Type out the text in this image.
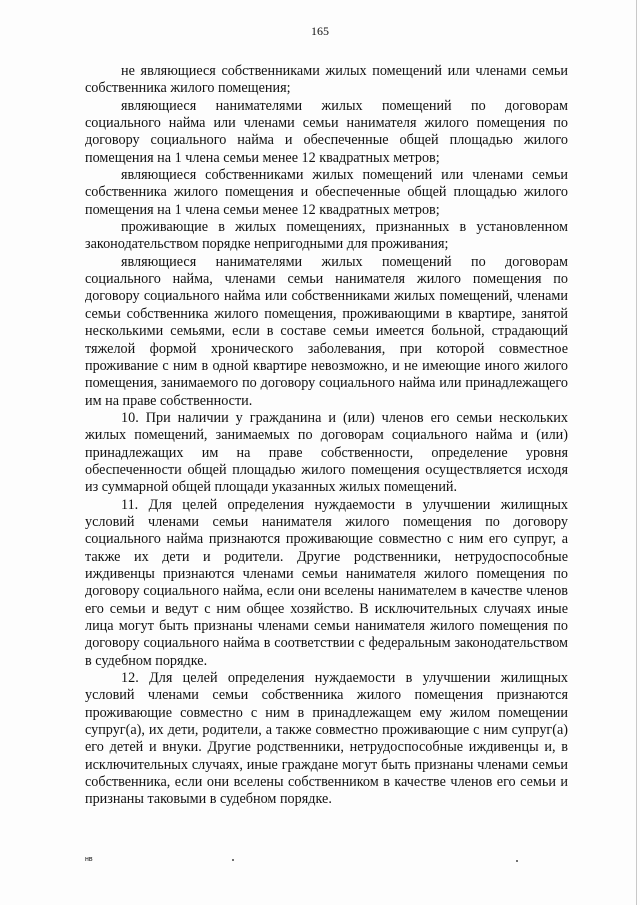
165

не являющиеся собственниками жилых помещений или членами семьи собственника жилого помещения;

являющиеся нанимателями жилых помещений по договорам социального найма или членами семьи нанимателя жилого помещения по договору социального найма и обеспеченные общей площадью жилого помещения на 1 члена семьи менее 12 квадратных метров;

являющиеся собственниками жилых помещений или членами семьи собственника жилого помещения и обеспеченные общей площадью жилого помещения на 1 члена семьи менее 12 квадратных метров;

проживающие в жилых помещениях, признанных в установленном законодательством порядке непригодными для проживания;

являющиеся нанимателями жилых помещений по договорам социального найма, членами семьи нанимателя жилого помещения по договору социального найма или собственниками жилых помещений, членами семьи собственника жилого помещения, проживающими в квартире, занятой несколькими семьями, если в составе семьи имеется больной, страдающий тяжелой формой хронического заболевания, при которой совместное проживание с ним в одной квартире невозможно, и не имеющие иного жилого помещения, занимаемого по договору социального найма или принадлежащего им на праве собственности.

10. При наличии у гражданина и (или) членов его семьи нескольких жилых помещений, занимаемых по договорам социального найма и (или) принадлежащих им на праве собственности, определение уровня обеспеченности общей площадью жилого помещения осуществляется исходя из суммарной общей площади указанных жилых помещений.

11. Для целей определения нуждаемости в улучшении жилищных условий членами семьи нанимателя жилого помещения по договору социального найма признаются проживающие совместно с ним его супруг, а также их дети и родители. Другие родственники, нетрудоспособные иждивенцы признаются членами семьи нанимателя жилого помещения по договору социального найма, если они вселены нанимателем в качестве членов его семьи и ведут с ним общее хозяйство. В исключительных случаях иные лица могут быть признаны членами семьи нанимателя жилого помещения по договору социального найма в соответствии с федеральным законодательством в судебном порядке.

12. Для целей определения нуждаемости в улучшении жилищных условий членами семьи собственника жилого помещения признаются проживающие совместно с ним в принадлежащем ему жилом помещении супруг(а), их дети, родители, а также совместно проживающие с ним супруг(а) его детей и внуки. Другие родственники, нетрудоспособные иждивенцы и, в исключительных случаях, иные граждане могут быть признаны членами семьи собственника, если они вселены собственником в качестве членов его семьи и признаны таковыми в судебном порядке.

нв
